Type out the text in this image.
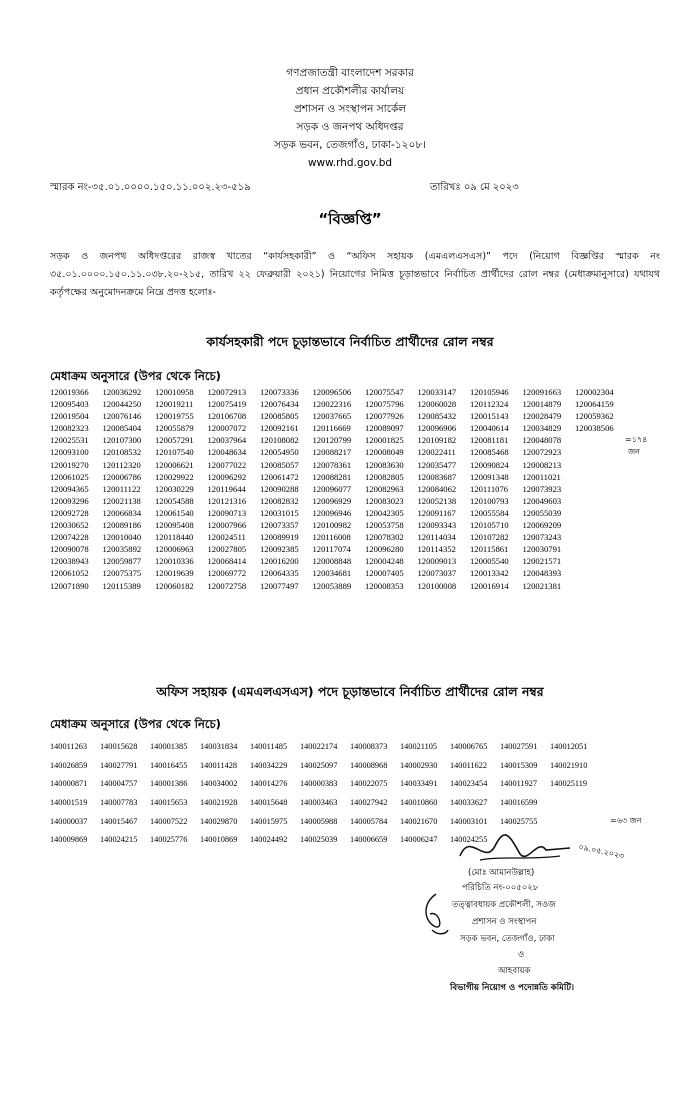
গণপ্রজাতন্ত্রী বাংলাদেশ সরকার
প্রধান প্রকৌশলীর কার্যালয়
প্রশাসন ও সংস্থাপন সার্কেল
সড়ক ও জনপথ অধিদপ্তর
সড়ক ভবন, তেজগাঁও, ঢাকা-১২০৮।
www.rhd.gov.bd
স্মারক নং-৩৫.০১.০০০০.১৫০.১১.০০২.২৩-৫১৯	তারিখঃ ০৯ মে ২০২৩
“বিজ্ঞপ্তি”
সড়ক ও জনপথ অধিদপ্তরের রাজস্ব খাতের “কার্যসহকারী” ও “অফিস সহায়ক (এমএলএসএস)” পদে (নিয়োগ বিজ্ঞপ্তির স্মারক নং ৩৫.০১.০০০০.১৫০.১১.০৩৮.২০-২১৫, তারিখ ২২ ফেব্রুয়ারী ২০২১) নিয়োগের নিমিত্ত চূড়ান্তভাবে নির্বাচিত প্রার্থীদের রোল নম্বর (মেধাক্রমানুসারে) যথাযথ কর্তৃপক্ষের অনুমোদনক্রমে নিম্নে প্রদত্ত হলোঃ-
কার্যসহকারী পদে চূড়ান্তভাবে নির্বাচিত প্রার্থীদের রোল নম্বর
মেধাক্রম অনুসারে (উপর থেকে নিচে)
120019366	120036292	120010958	120072913	120073336	120096506	120075547	120033147	120105946	120091663	120002304
120095403	120044250	120019211	120075419	120076434	120022316	120075796	120060028	120112324	120014879	120064159
120019504	120076146	120019755	120106708	120085805	120037665	120077926	120085432	120015143	120028479	120059362
120082323	120085404	120055879	120007072	120092161	120116669	120089097	120096906	120040614	120034829	120038506
120025531	120107300	120057291	120037964	120108082	120120799	120001825	120109182	120081181	120048078
120093100	120108532	120107540	120048634	120054950	120088217	120008049	120022411	120085468	120072923
120019270	120112320	120006621	120077022	120085057	120078361	120083630	120035477	120090824	120008213
120061025	120006786	120029922	120096292	120061472	120088281	120082805	120083687	120091348	120011021
120094365	120011122	120030229	120119644	120090288	120096077	120082963	120084062	120111076	120073923
120093296	120021138	120054588	120121316	120082832	120096929	120083023	120052138	120100793	120049603
120092728	120066834	120061540	120090713	120031015	120096946	120042305	120091167	120055584	120055039
120030652	120089186	120095408	120007966	120073357	120100982	120053758	120093343	120105710	120069209
120074228	120010040	120118440	120024511	120089919	120116008	120078302	120114034	120107282	120073243
120090078	120035892	120006963	120027805	120092385	120117074	120096280	120114352	120115861	120030791
120038943	120059877	120010336	120068414	120016200	120008848	120004248	120009013	120005540	120021571
120061052	120075375	120019639	120069772	120064335	120034681	120007405	120073037	120013342	120048393
120071890	120115389	120060182	120072758	120077497	120053889	120008353	120100008	120016914	120021381
=১৭৪
জন
অফিস সহায়ক (এমএলএসএস) পদে চূড়ান্তভাবে নির্বাচিত প্রার্থীদের রোল নম্বর
মেধাক্রম অনুসারে (উপর থেকে নিচে)
140011263	140015628	140001385	140031834	140011485	140022174	140008373	140021105	140006765	140027591	140012051
140026859	140027791	140016455	140011428	140034229	140025097	140008968	140002930	140011622	140015309	140021910
140000871	140004757	140001386	140034002	140014276	140000383	140022075	140033491	140023454	140011927	140025119
140001519	140007783	140015653	140021928	140015648	140003463	140027942	140010860	140033627	140016599
140000037	140015467	140007522	140029870	140015975	140005988	140005784	140021670	140003101	140025755
140009869	140024215	140025776	140010869	140024492	140025039	140006659	140006247	140024255
=৬৩ জন
০৯.০৫.২০২৩
(মোঃ আমানউল্লাহ)
পরিচিতি নং-০০৫০২৮
তত্ত্বাবধায়ক প্রকৌশলী, সওজ
প্রশাসন ও সংস্থাপন
সড়ক ভবন, তেজগাঁও, ঢাকা
ও
আহবায়ক
বিভাগীয় নিয়োগ ও পদোন্নতি কমিটি।
